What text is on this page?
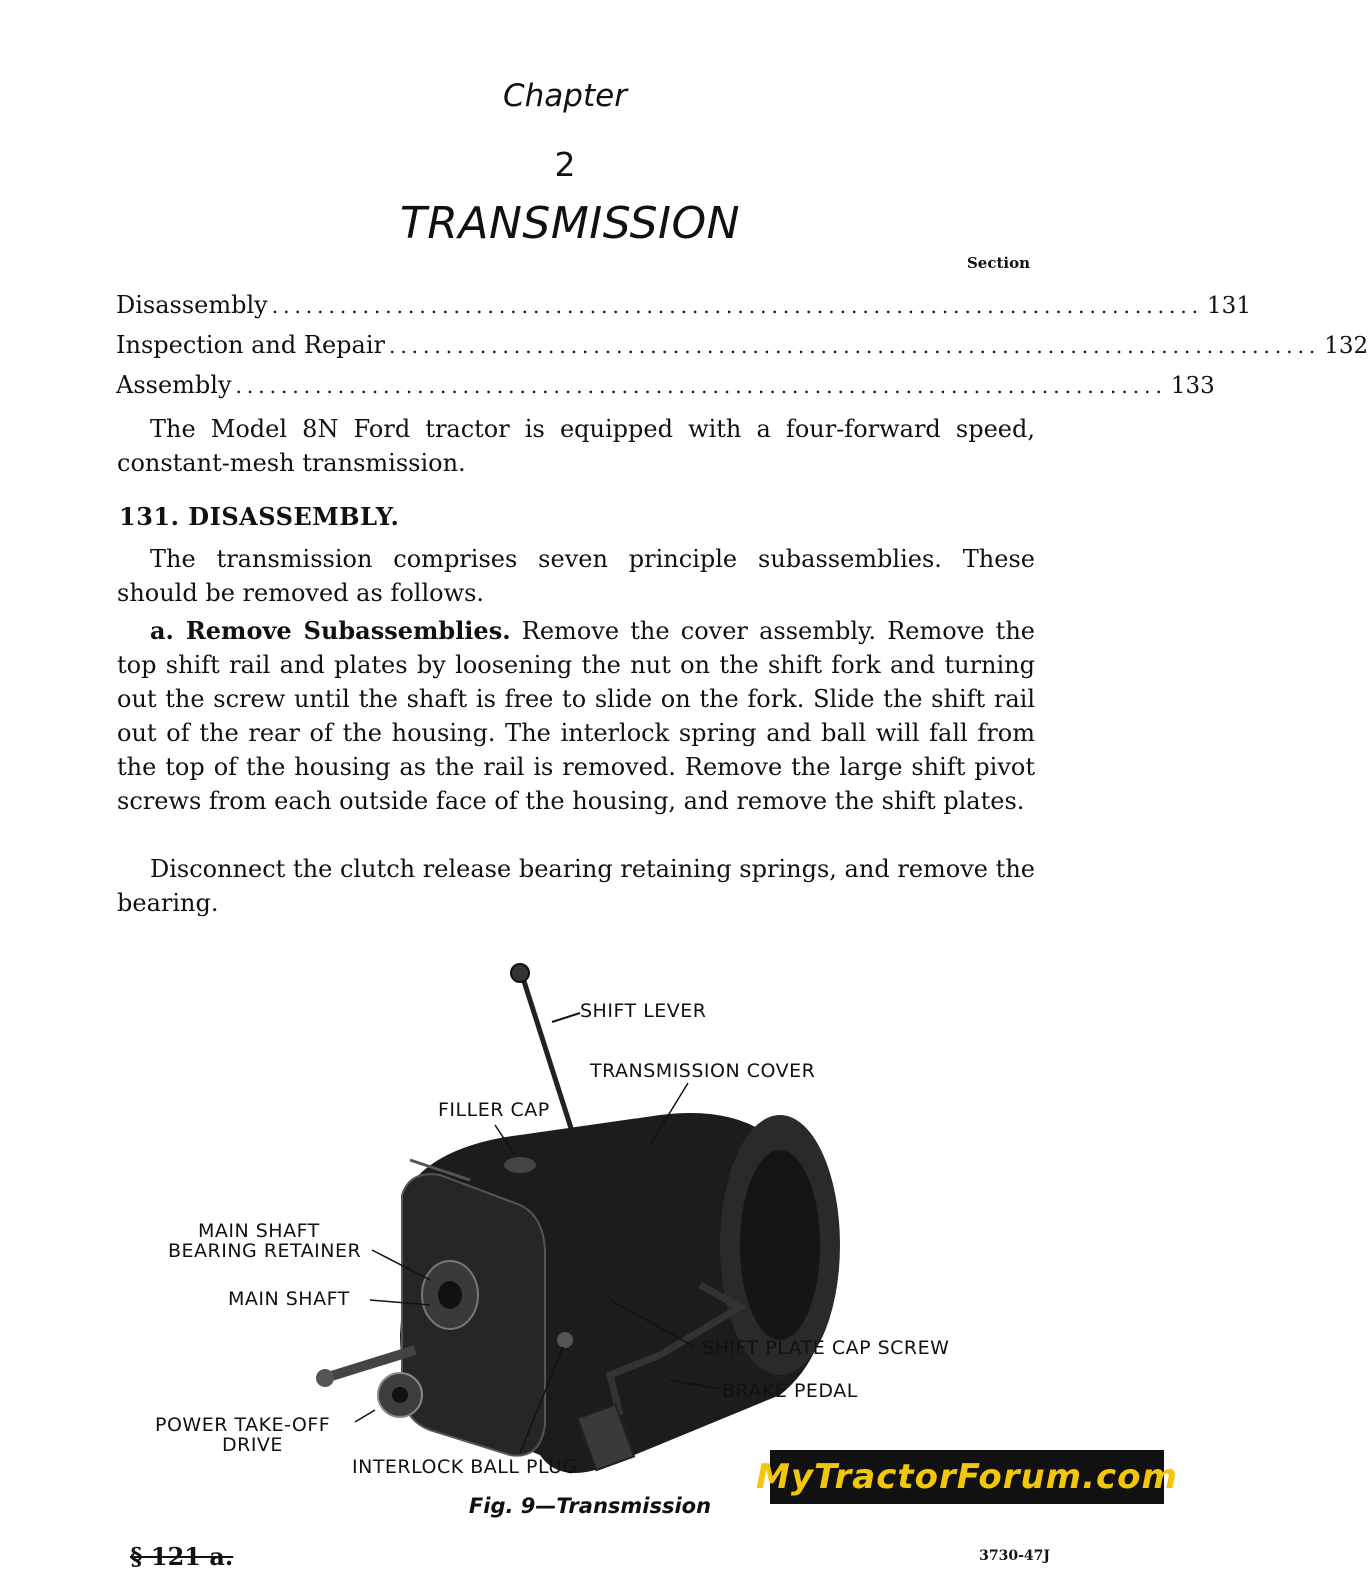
Chapter
2
TRANSMISSION
Section
Disassembly .................................................................................. 131
Inspection and Repair .................................................................................. 132
Assembly .................................................................................. 133
The Model 8N Ford tractor is equipped with a four-forward speed, constant-mesh transmission.
131. DISASSEMBLY.
The transmission comprises seven principle subassemblies. These should be removed as follows.
a. Remove Subassemblies. Remove the cover assembly. Remove the top shift rail and plates by loosening the nut on the shift fork and turning out the screw until the shaft is free to slide on the fork. Slide the shift rail out of the rear of the housing. The interlock spring and ball will fall from the top of the housing as the rail is removed. Remove the large shift pivot screws from each outside face of the housing, and remove the shift plates.
Disconnect the clutch release bearing retaining springs, and remove the bearing.
SHIFT LEVER
TRANSMISSION COVER
FILLER CAP
MAIN SHAFT
BEARING RETAINER
MAIN SHAFT
SHIFT PLATE CAP SCREW
BRAKE PEDAL
POWER TAKE-OFF
DRIVE
INTERLOCK BALL PLUG
Fig. 9—Transmission
MyTractorForum.com
§ 121 a.	3730-47J
